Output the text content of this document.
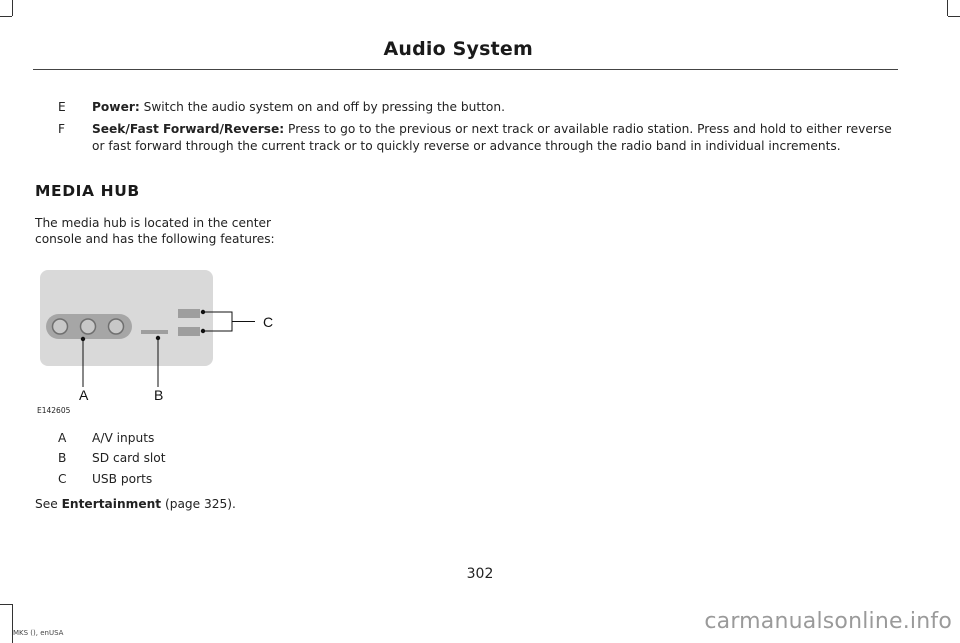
Audio System
E	Power: Switch the audio system on and off by pressing the button.
F	Seek/Fast Forward/Reverse: Press to go to the previous or next track or available radio station. Press and hold to either reverse or fast forward through the current track or to quickly reverse or advance through the radio band in individual increments.
MEDIA HUB
The media hub is located in the center console and has the following features:
A	B
C
E142605
A	A/V inputs
B	SD card slot
C	USB ports
See Entertainment (page 325).
302
MKS (), enUSA	carmanualsonline.info
